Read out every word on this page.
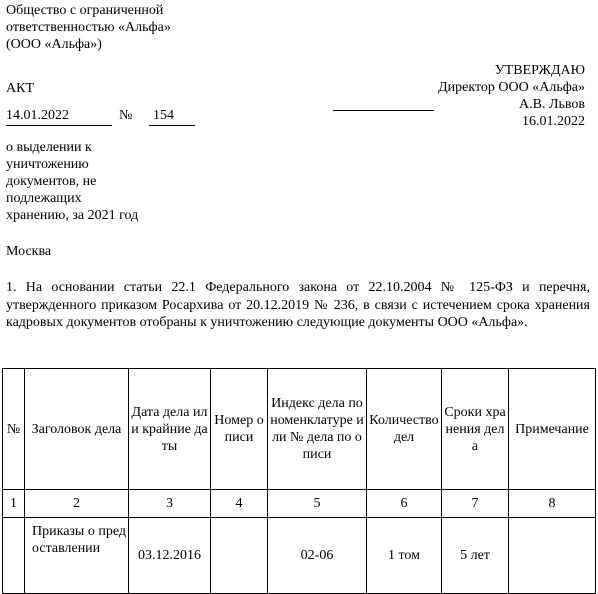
Общество с ограниченной
ответственностью «Альфа»
(ООО «Альфа»)
УТВЕРЖДАЮ
Директор ООО «Альфа»
А.В. Львов
16.01.2022
АКТ
14.01.2022	№ 154
о выделении к
уничтожению
документов, не
подлежащих
хранению, за 2021 год
Москва
1. На основании статьи 22.1 Федерального закона от 22.10.2004 № 125-ФЗ и перечня, утвержденного приказом Росархива от 20.12.2019 № 236, в связи с истечением срока хранения кадровых документов отобраны к уничтожению следующие документы ООО «Альфа».
№	Заголовок дела	Дата дела или крайние даты	Номер описи	Индекс дела по номенклатуре или № дела по описи	Количество дел	Сроки хранения дела	Примечание
1	2	3	4	5	6	7	8
	Приказы о предоставлении	03.12.2016		02-06	1 том	5 лет	
